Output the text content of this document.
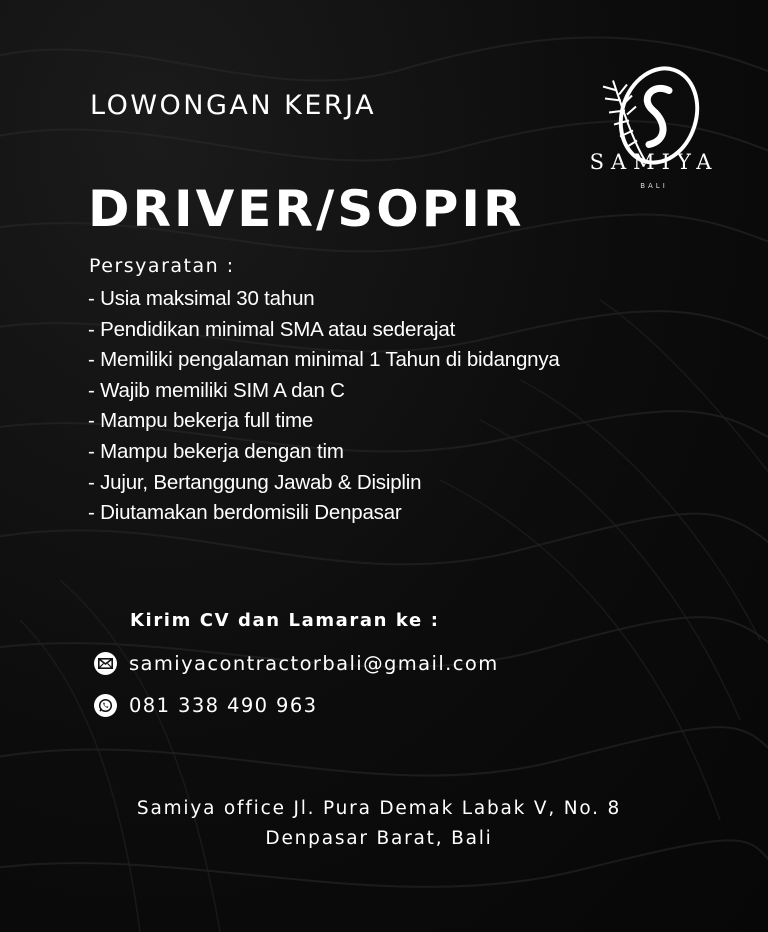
SAMIYA
BALI
LOWONGAN KERJA
DRIVER/SOPIR
Persyaratan :
- Usia maksimal 30 tahun
- Pendidikan minimal SMA atau sederajat
- Memiliki pengalaman minimal 1 Tahun di bidangnya
- Wajib memiliki SIM A dan C
- Mampu bekerja full time
- Mampu bekerja dengan tim
- Jujur, Bertanggung Jawab & Disiplin
- Diutamakan berdomisili Denpasar
Kirim CV dan Lamaran ke :
samiyacontractorbali@gmail.com
081 338 490 963
Samiya office Jl. Pura Demak Labak V, No. 8
Denpasar Barat, Bali
